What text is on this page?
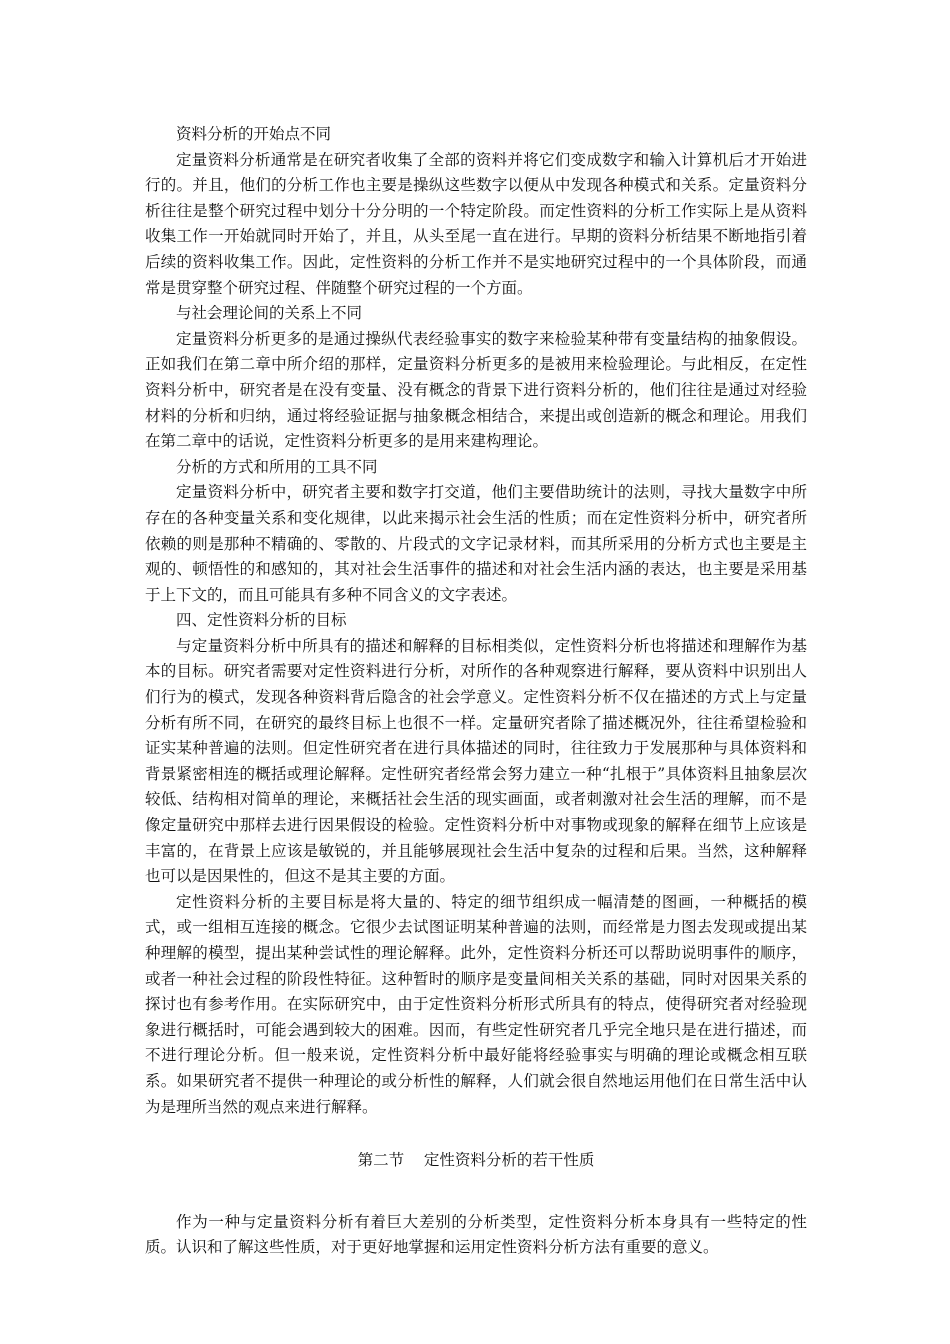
资料分析的开始点不同

定量资料分析通常是在研究者收集了全部的资料并将它们变成数字和输入计算机后才开始进行的。并且，他们的分析工作也主要是操纵这些数字以便从中发现各种模式和关系。定量资料分析往往是整个研究过程中划分十分分明的一个特定阶段。而定性资料的分析工作实际上是从资料收集工作一开始就同时开始了，并且，从头至尾一直在进行。早期的资料分析结果不断地指引着后续的资料收集工作。因此，定性资料的分析工作并不是实地研究过程中的一个具体阶段，而通常是贯穿整个研究过程、伴随整个研究过程的一个方面。

与社会理论间的关系上不同

定量资料分析更多的是通过操纵代表经验事实的数字来检验某种带有变量结构的抽象假设。正如我们在第二章中所介绍的那样，定量资料分析更多的是被用来检验理论。与此相反，在定性资料分析中，研究者是在没有变量、没有概念的背景下进行资料分析的，他们往往是通过对经验材料的分析和归纳，通过将经验证据与抽象概念相结合，来提出或创造新的概念和理论。用我们在第二章中的话说，定性资料分析更多的是用来建构理论。

分析的方式和所用的工具不同

定量资料分析中，研究者主要和数字打交道，他们主要借助统计的法则，寻找大量数字中所存在的各种变量关系和变化规律，以此来揭示社会生活的性质；而在定性资料分析中，研究者所依赖的则是那种不精确的、零散的、片段式的文字记录材料，而其所采用的分析方式也主要是主观的、顿悟性的和感知的，其对社会生活事件的描述和对社会生活内涵的表达，也主要是采用基于上下文的，而且可能具有多种不同含义的文字表述。

四、定性资料分析的目标

与定量资料分析中所具有的描述和解释的目标相类似，定性资料分析也将描述和理解作为基本的目标。研究者需要对定性资料进行分析，对所作的各种观察进行解释，要从资料中识别出人们行为的模式，发现各种资料背后隐含的社会学意义。定性资料分析不仅在描述的方式上与定量分析有所不同，在研究的最终目标上也很不一样。定量研究者除了描述概况外，往往希望检验和证实某种普遍的法则。但定性研究者在进行具体描述的同时，往往致力于发展那种与具体资料和背景紧密相连的概括或理论解释。定性研究者经常会努力建立一种“扎根于”具体资料且抽象层次较低、结构相对简单的理论，来概括社会生活的现实画面，或者刺激对社会生活的理解，而不是像定量研究中那样去进行因果假设的检验。定性资料分析中对事物或现象的解释在细节上应该是丰富的，在背景上应该是敏锐的，并且能够展现社会生活中复杂的过程和后果。当然，这种解释也可以是因果性的，但这不是其主要的方面。

定性资料分析的主要目标是将大量的、特定的细节组织成一幅清楚的图画，一种概括的模式，或一组相互连接的概念。它很少去试图证明某种普遍的法则，而经常是力图去发现或提出某种理解的模型，提出某种尝试性的理论解释。此外，定性资料分析还可以帮助说明事件的顺序，或者一种社会过程的阶段性特征。这种暂时的顺序是变量间相关关系的基础，同时对因果关系的探讨也有参考作用。在实际研究中，由于定性资料分析形式所具有的特点，使得研究者对经验现象进行概括时，可能会遇到较大的困难。因而，有些定性研究者几乎完全地只是在进行描述，而不进行理论分析。但一般来说，定性资料分析中最好能将经验事实与明确的理论或概念相互联系。如果研究者不提供一种理论的或分析性的解释，人们就会很自然地运用他们在日常生活中认为是理所当然的观点来进行解释。

第二节    定性资料分析的若干性质

作为一种与定量资料分析有着巨大差别的分析类型，定性资料分析本身具有一些特定的性质。认识和了解这些性质，对于更好地掌握和运用定性资料分析方法有重要的意义。
